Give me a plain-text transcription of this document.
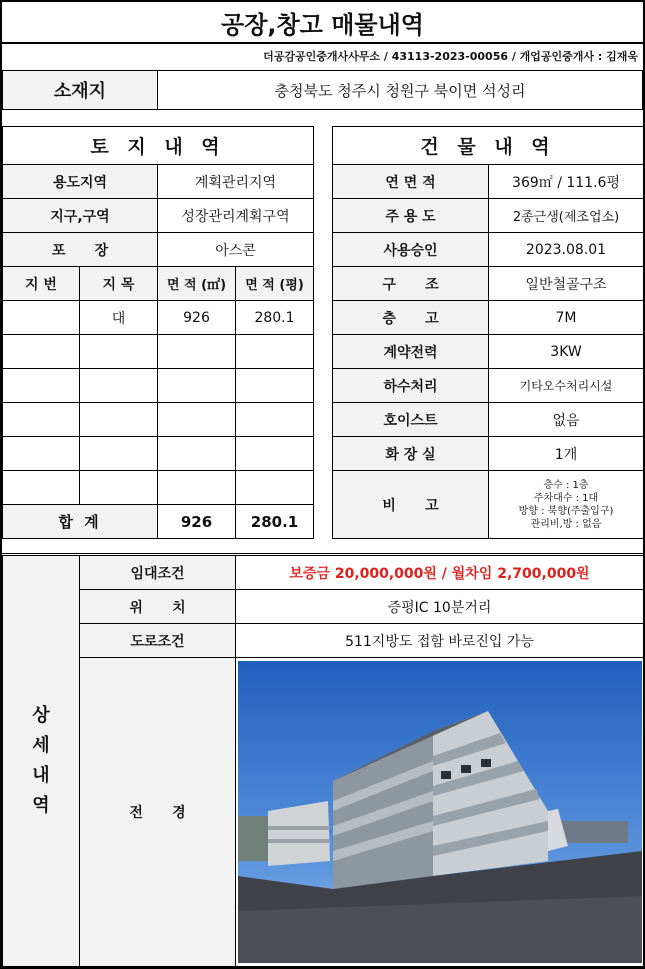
공장,창고 매물내역
더공감공인중개사사무소 / 43113-2023-00056 / 개업공인중개사 : 김재욱
소재지	충청북도 청주시 청원구 북이면 석성리
토 지 내 역			
용도지역		계획관리지역	
지구,구역		성장관리계획구역	
포      장		아스콘	
지 번	지 목	면 적 (㎡)	면 적 (평)
	대	926	280.1

합 계		926	280.1
건 물 내 역	
연 면 적	369㎡ / 111.6평
주 용 도	2종근생(제조업소)
사용승인	2023.08.01
구      조	일반철골구조
층      고	7M
계약전력	3KW
하수처리	기타오수처리시설
호이스트	없음
화 장 실	1개
비      고	층수 : 1층
주차대수 : 1대
방향 : 북향(주출입구)
관리비,방 : 없음
상세내역	임대조건	보증금 20,000,000원 / 월차임 2,700,000원
	위      치	증평IC 10분거리
	도로조건	511지방도 접함 바로진입 가능
	전      경	
